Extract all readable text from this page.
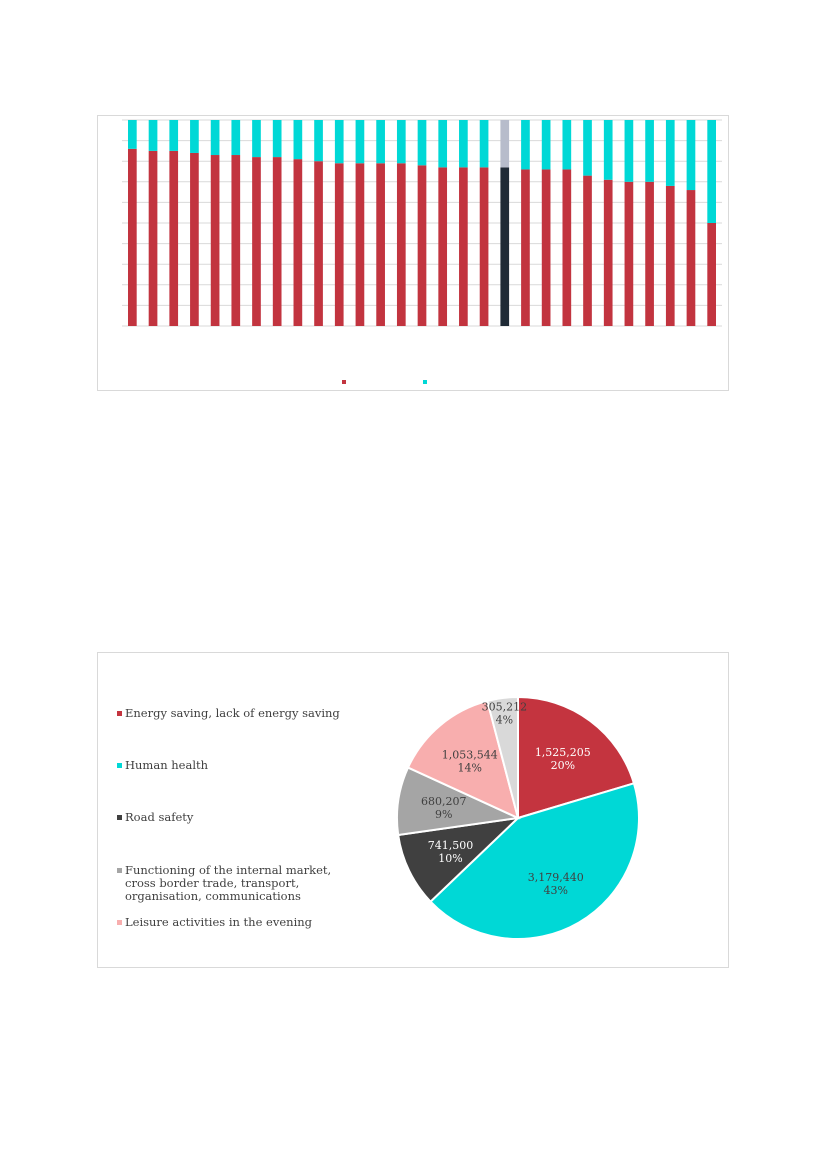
Energy saving, lack of energy saving
Human health
Road safety
Functioning of the internal market, cross border trade, transport, organisation, communications
Leisure activities in the evening
1,525,205
20%
3,179,440
43%
741,500
10%
680,207
9%
1,053,544
14%
305,212
4%
